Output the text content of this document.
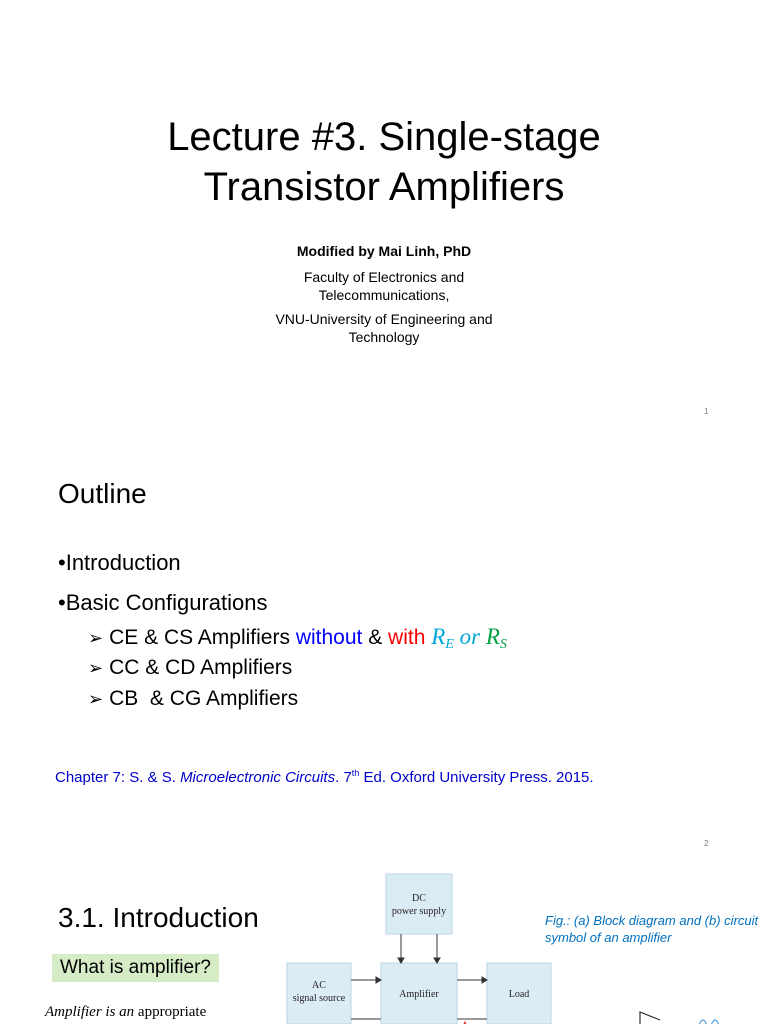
Lecture #3. Single-stage
Transistor Amplifiers
Modified by Mai Linh, PhD
Faculty of Electronics and
Telecommunications,
VNU-University of Engineering and
Technology
1
Outline
•Introduction
•Basic Configurations
➢ CE & CS Amplifiers without & with RE or RS
➢ CC & CD Amplifiers
➢ CB  & CG Amplifiers
Chapter 7: S. & S. Microelectronic Circuits. 7th Ed. Oxford University Press. 2015.
2
3.1. Introduction
What is amplifier?
Amplifier is an appropriate
Fig.: (a) Block diagram and (b) circuit symbol of an amplifier
DC
power supply
AC
signal source	Amplifier	Load
